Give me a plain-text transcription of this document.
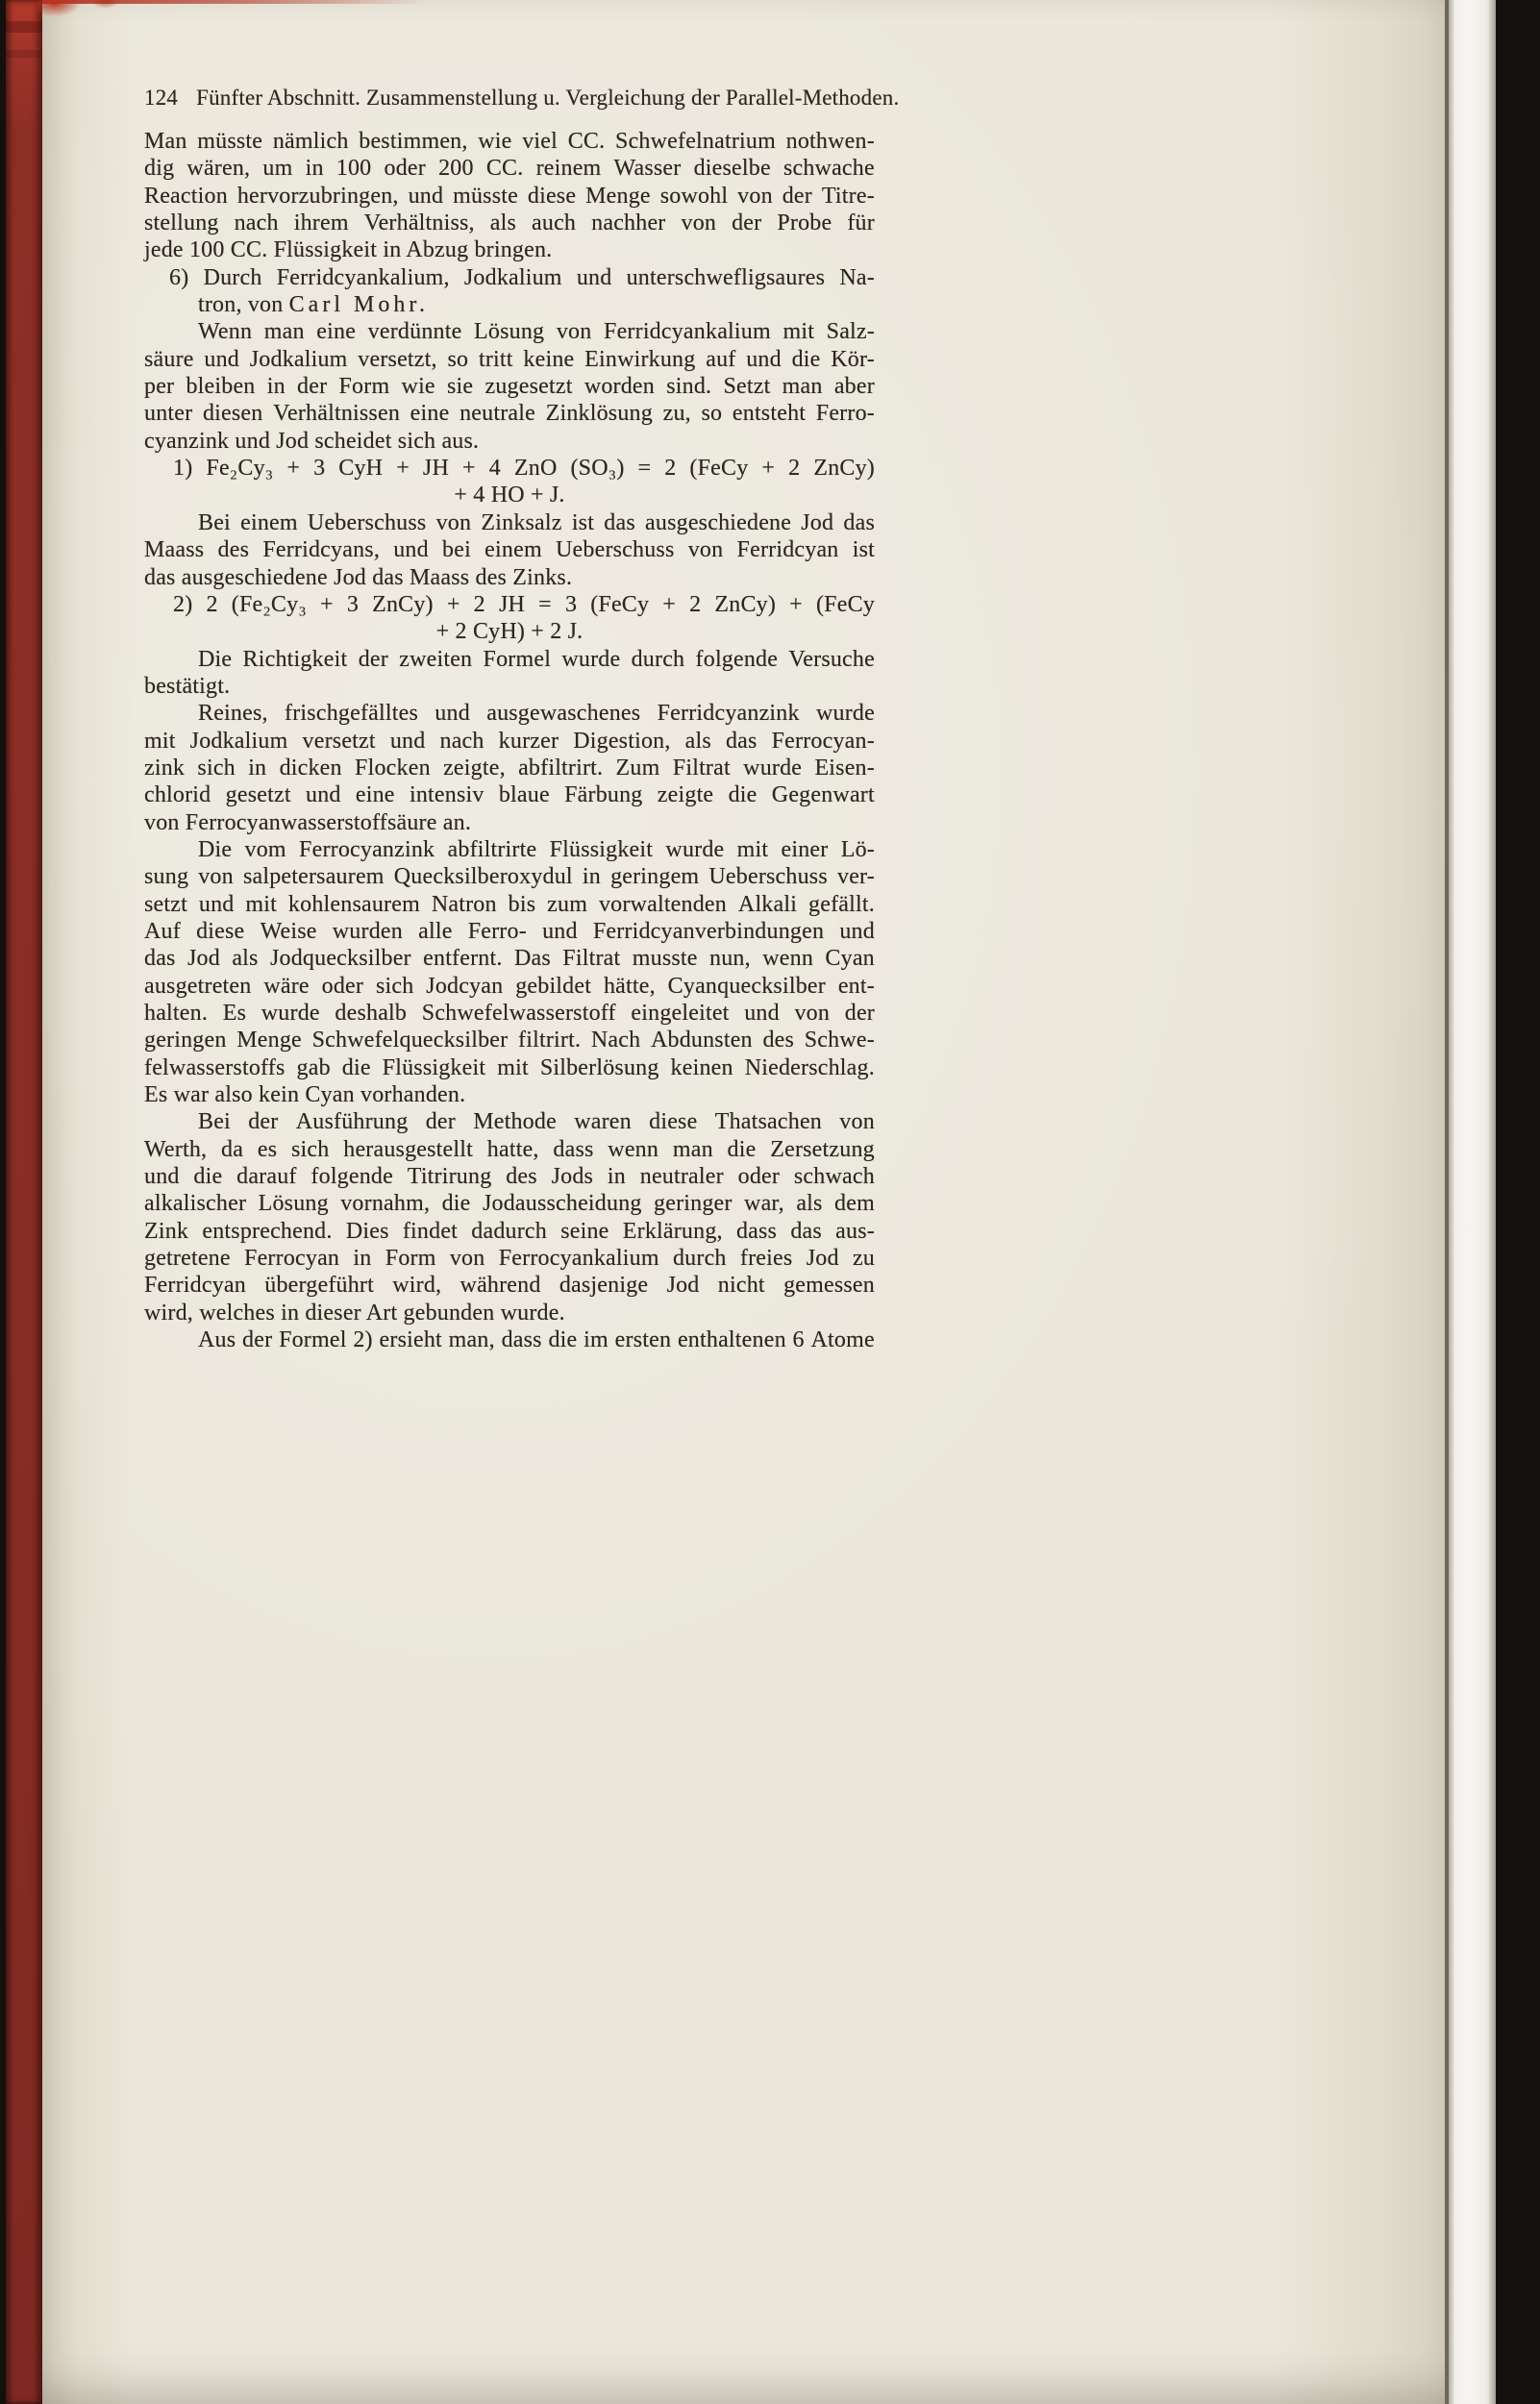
124 Fünfter Abschnitt. Zusammenstellung u. Vergleichung der Parallel-Methoden.
Man müsste nämlich bestimmen, wie viel CC. Schwefelnatrium nothwen-
dig wären, um in 100 oder 200 CC. reinem Wasser dieselbe schwache
Reaction hervorzubringen, und müsste diese Menge sowohl von der Titre-
stellung nach ihrem Verhältniss, als auch nachher von der Probe für
jede 100 CC. Flüssigkeit in Abzug bringen.
6) Durch Ferridcyankalium, Jodkalium und unterschwefligsaures Na-
tron, von Carl Mohr.
Wenn man eine verdünnte Lösung von Ferridcyankalium mit Salz-
säure und Jodkalium versetzt, so tritt keine Einwirkung auf und die Kör-
per bleiben in der Form wie sie zugesetzt worden sind. Setzt man aber
unter diesen Verhältnissen eine neutrale Zinklösung zu, so entsteht Ferro-
cyanzink und Jod scheidet sich aus.
1) Fe₂Cy₃ + 3 CyH + JH + 4 ZnO (SO₃) = 2 (FeCy + 2 ZnCy)
+ 4 HO + J.
Bei einem Ueberschuss von Zinksalz ist das ausgeschiedene Jod das
Maass des Ferridcyans, und bei einem Ueberschuss von Ferridcyan ist
das ausgeschiedene Jod das Maass des Zinks.
2) 2 (Fe₂Cy₃ + 3 ZnCy) + 2 JH = 3 (FeCy + 2 ZnCy) + (FeCy
+ 2 CyH) + 2 J.
Die Richtigkeit der zweiten Formel wurde durch folgende Versuche
bestätigt.
Reines, frischgefälltes und ausgewaschenes Ferridcyanzink wurde
mit Jodkalium versetzt und nach kurzer Digestion, als das Ferrocyan-
zink sich in dicken Flocken zeigte, abfiltrirt. Zum Filtrat wurde Eisen-
chlorid gesetzt und eine intensiv blaue Färbung zeigte die Gegenwart
von Ferrocyanwasserstoffsäure an.
Die vom Ferrocyanzink abfiltrirte Flüssigkeit wurde mit einer Lö-
sung von salpetersaurem Quecksilberoxydul in geringem Ueberschuss ver-
setzt und mit kohlensaurem Natron bis zum vorwaltenden Alkali gefällt.
Auf diese Weise wurden alle Ferro- und Ferridcyanverbindungen und
das Jod als Jodquecksilber entfernt. Das Filtrat musste nun, wenn Cyan
ausgetreten wäre oder sich Jodcyan gebildet hätte, Cyanquecksilber ent-
halten. Es wurde deshalb Schwefelwasserstoff eingeleitet und von der
geringen Menge Schwefelquecksilber filtrirt. Nach Abdunsten des Schwe-
felwasserstoffs gab die Flüssigkeit mit Silberlösung keinen Niederschlag.
Es war also kein Cyan vorhanden.
Bei der Ausführung der Methode waren diese Thatsachen von
Werth, da es sich herausgestellt hatte, dass wenn man die Zersetzung
und die darauf folgende Titrirung des Jods in neutraler oder schwach
alkalischer Lösung vornahm, die Jodausscheidung geringer war, als dem
Zink entsprechend. Dies findet dadurch seine Erklärung, dass das aus-
getretene Ferrocyan in Form von Ferrocyankalium durch freies Jod zu
Ferridcyan übergeführt wird, während dasjenige Jod nicht gemessen
wird, welches in dieser Art gebunden wurde.
Aus der Formel 2) ersieht man, dass die im ersten enthaltenen 6 Atome
